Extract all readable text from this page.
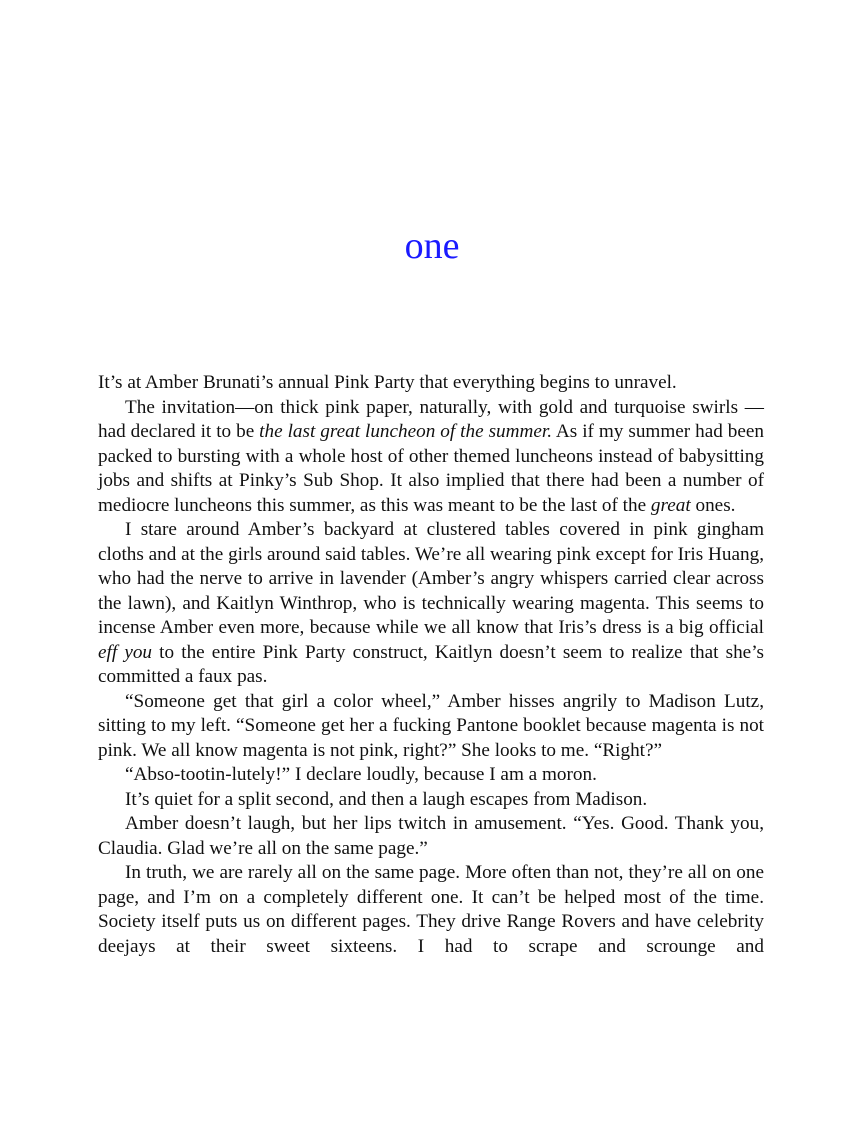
one

It’s at Amber Brunati’s annual Pink Party that everything begins to unravel.

The invitation—on thick pink paper, naturally, with gold and turquoise swirls —had declared it to be the last great luncheon of the summer. As if my summer had been packed to bursting with a whole host of other themed luncheons instead of babysitting jobs and shifts at Pinky’s Sub Shop. It also implied that there had been a number of mediocre luncheons this summer, as this was meant to be the last of the great ones.

I stare around Amber’s backyard at clustered tables covered in pink gingham cloths and at the girls around said tables. We’re all wearing pink except for Iris Huang, who had the nerve to arrive in lavender (Amber’s angry whispers carried clear across the lawn), and Kaitlyn Winthrop, who is technically wearing magenta. This seems to incense Amber even more, because while we all know that Iris’s dress is a big official eff you to the entire Pink Party construct, Kaitlyn doesn’t seem to realize that she’s committed a faux pas.

“Someone get that girl a color wheel,” Amber hisses angrily to Madison Lutz, sitting to my left. “Someone get her a fucking Pantone booklet because magenta is not pink. We all know magenta is not pink, right?” She looks to me. “Right?”

“Abso-tootin-lutely!” I declare loudly, because I am a moron.

It’s quiet for a split second, and then a laugh escapes from Madison.

Amber doesn’t laugh, but her lips twitch in amusement. “Yes. Good. Thank you, Claudia. Glad we’re all on the same page.”

In truth, we are rarely all on the same page. More often than not, they’re all on one page, and I’m on a completely different one. It can’t be helped most of the time. Society itself puts us on different pages. They drive Range Rovers and have celebrity deejays at their sweet sixteens. I had to scrape and scrounge and
